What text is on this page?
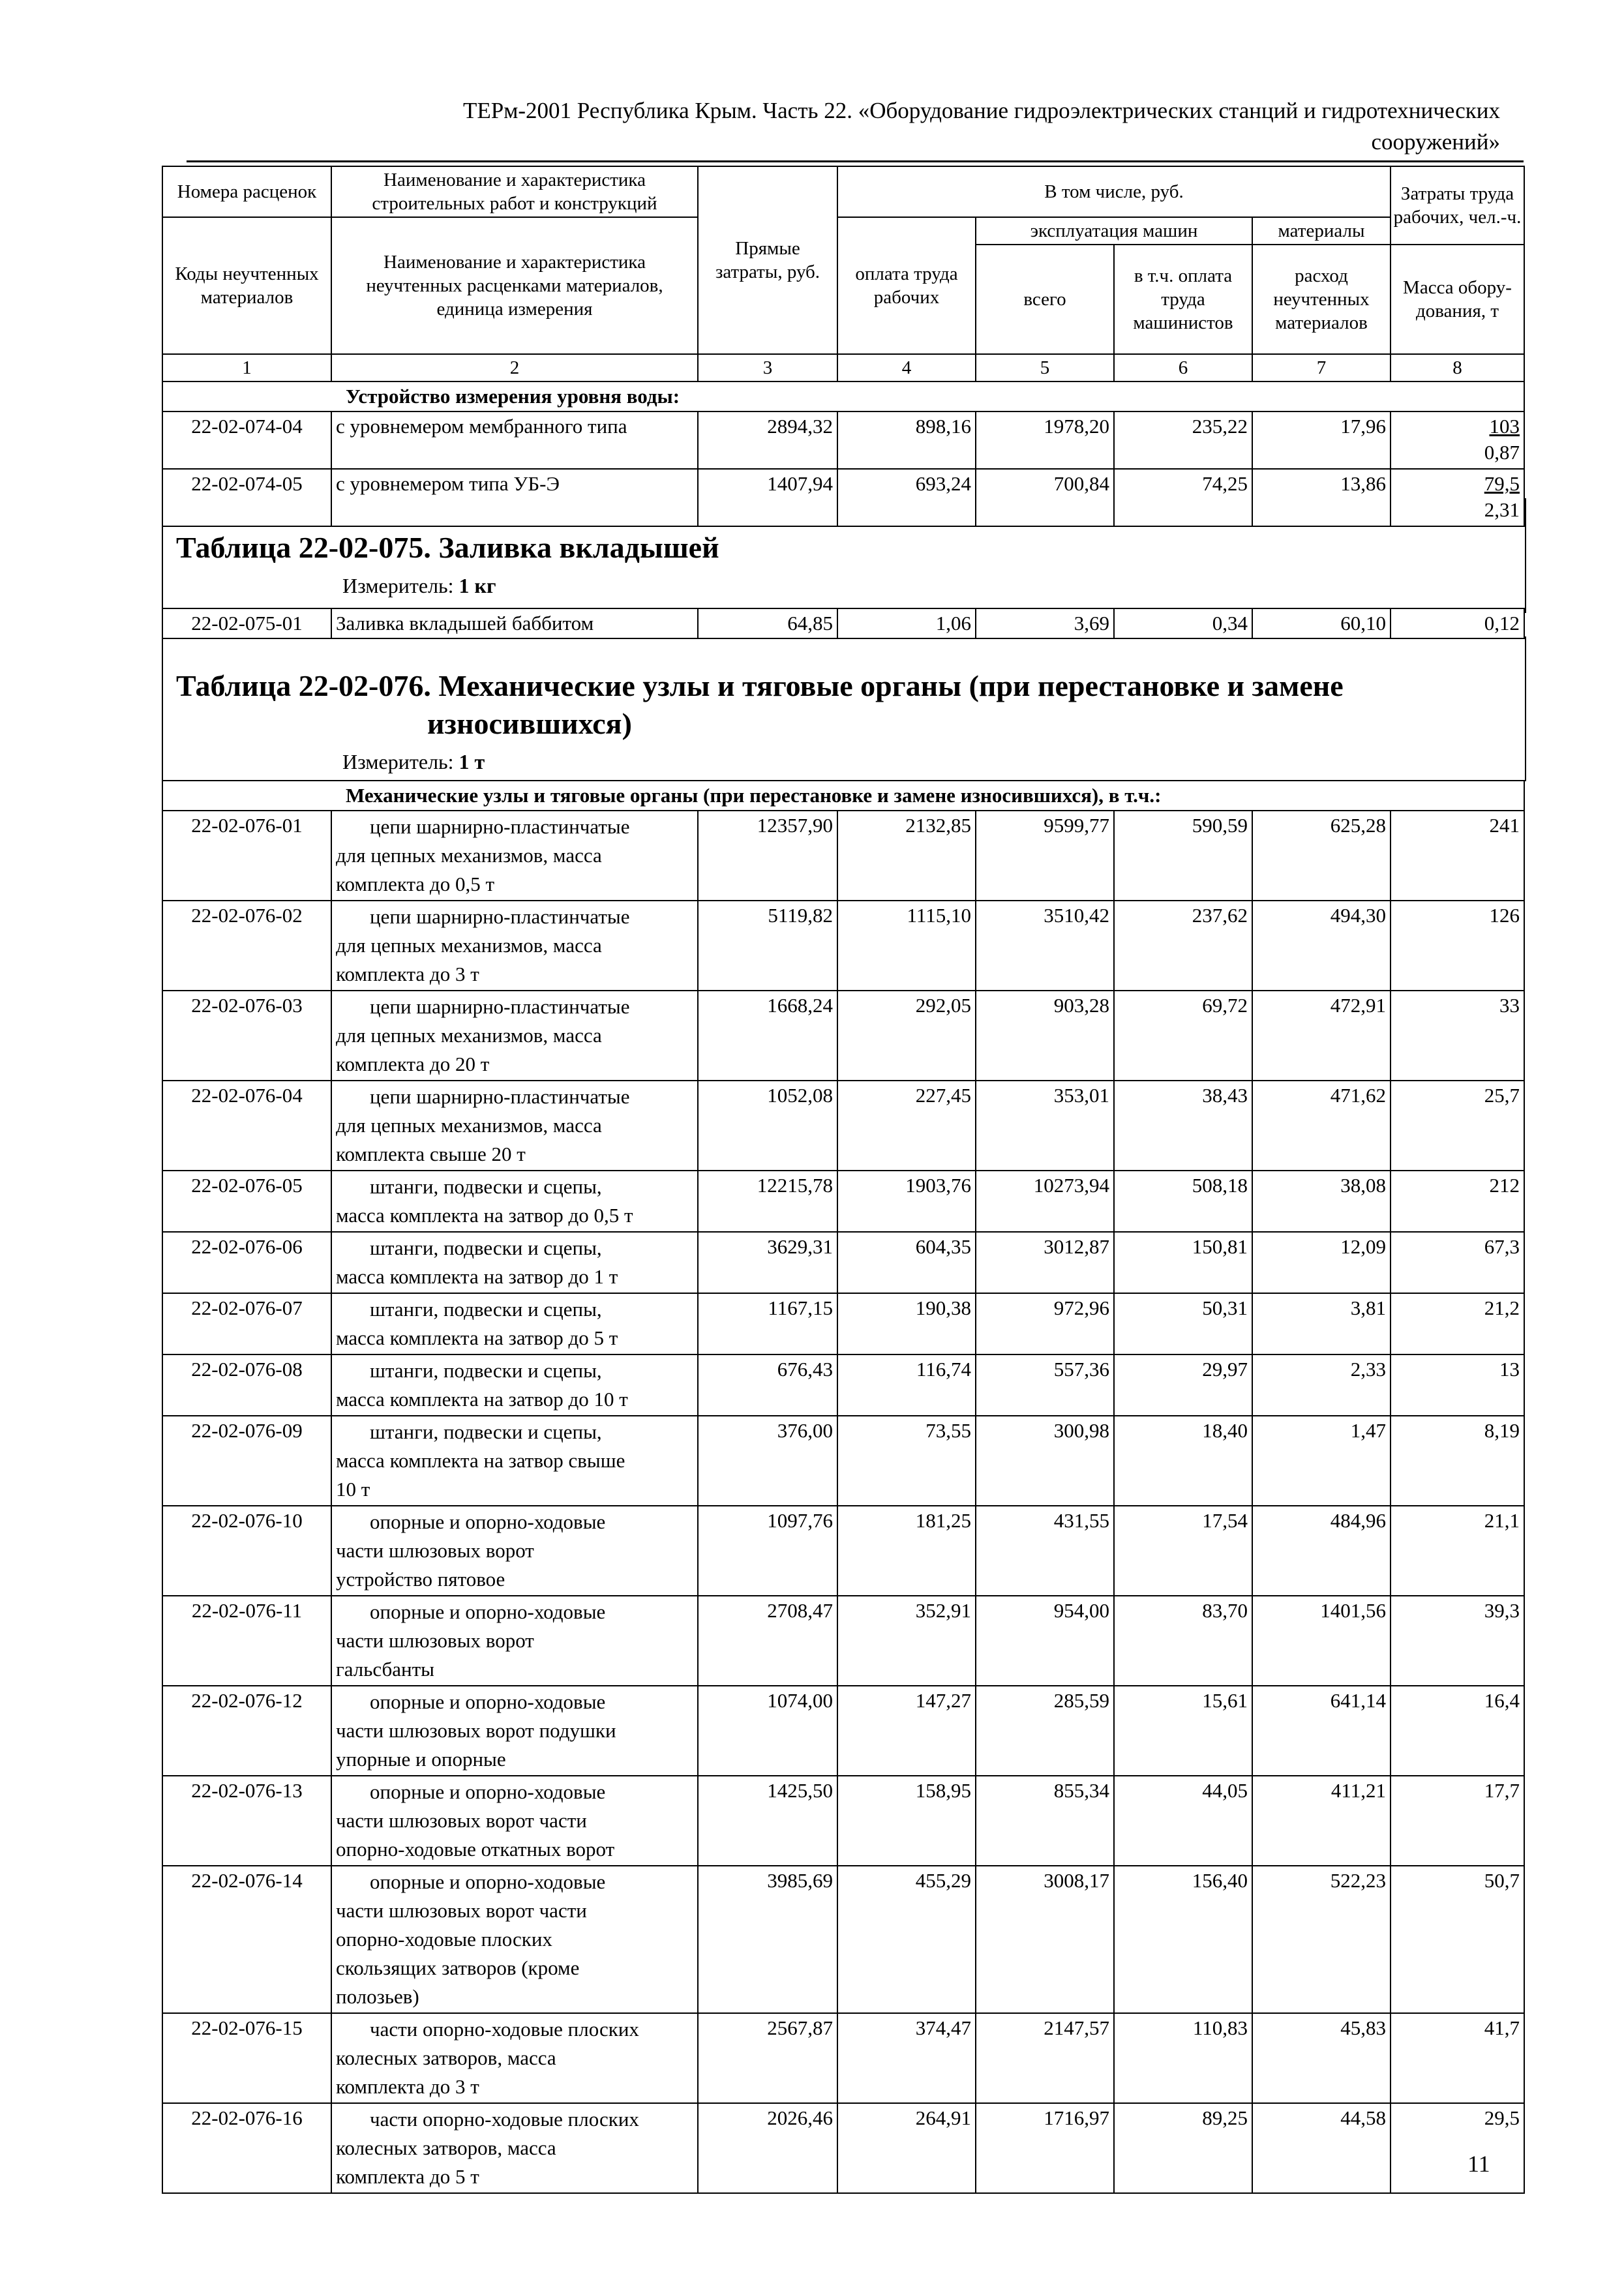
ТЕРм-2001 Республика Крым. Часть 22. «Оборудование гидроэлектрических станций и гидротехнических
сооружений»
Номера расценок	Наименование и характеристика строительных работ и конструкций	Прямые затраты, руб.	В том числе, руб.				Затраты труда рабочих, чел.-ч.
Коды неучтенных материалов	Наименование и характеристика неучтенных расценками материалов, единица измерения		оплата труда рабочих	эксплуатация машин		материалы	
				всего	в т.ч. оплата труда машинистов	расход неучтенных материалов	Масса обору-дования, т
1	2	3	4	5	6	7	8
Устройство измерения уровня воды:							
22-02-074-04	с уровнемером мембранного типа	2894,32	898,16	1978,20	235,22	17,96	103
0,87
22-02-074-05	с уровнемером типа УБ-Э	1407,94	693,24	700,84	74,25	13,86	79,5
2,31
Таблица 22-02-075. Заливка вкладышей
Измеритель: 1 кг
22-02-075-01	Заливка вкладышей баббитом	64,85	1,06	3,69	0,34	60,10	0,12
Таблица 22-02-076. Механические узлы и тяговые органы (при перестановке и замене
износившихся)
Измеритель: 1 т
Механические узлы и тяговые органы (при перестановке и замене износившихся), в т.ч.:							
22-02-076-01	цепи шарнирно-пластинчатые
для цепных механизмов, масса
комплекта до 0,5 т	12357,90	2132,85	9599,77	590,59	625,28	241
22-02-076-02	цепи шарнирно-пластинчатые
для цепных механизмов, масса
комплекта до 3 т	5119,82	1115,10	3510,42	237,62	494,30	126
22-02-076-03	цепи шарнирно-пластинчатые
для цепных механизмов, масса
комплекта до 20 т	1668,24	292,05	903,28	69,72	472,91	33
22-02-076-04	цепи шарнирно-пластинчатые
для цепных механизмов, масса
комплекта свыше 20 т	1052,08	227,45	353,01	38,43	471,62	25,7
22-02-076-05	штанги, подвески и сцепы,
масса комплекта на затвор до 0,5 т	12215,78	1903,76	10273,94	508,18	38,08	212
22-02-076-06	штанги, подвески и сцепы,
масса комплекта на затвор до 1 т	3629,31	604,35	3012,87	150,81	12,09	67,3
22-02-076-07	штанги, подвески и сцепы,
масса комплекта на затвор до 5 т	1167,15	190,38	972,96	50,31	3,81	21,2
22-02-076-08	штанги, подвески и сцепы,
масса комплекта на затвор до 10 т	676,43	116,74	557,36	29,97	2,33	13
22-02-076-09	штанги, подвески и сцепы,
масса комплекта на затвор свыше
10 т	376,00	73,55	300,98	18,40	1,47	8,19
22-02-076-10	опорные и опорно-ходовые
части шлюзовых ворот
устройство пятовое	1097,76	181,25	431,55	17,54	484,96	21,1
22-02-076-11	опорные и опорно-ходовые
части шлюзовых ворот
гальсбанты	2708,47	352,91	954,00	83,70	1401,56	39,3
22-02-076-12	опорные и опорно-ходовые
части шлюзовых ворот подушки
упорные и опорные	1074,00	147,27	285,59	15,61	641,14	16,4
22-02-076-13	опорные и опорно-ходовые
части шлюзовых ворот части
опорно-ходовые откатных ворот	1425,50	158,95	855,34	44,05	411,21	17,7
22-02-076-14	опорные и опорно-ходовые
части шлюзовых ворот части
опорно-ходовые плоских
скользящих затворов (кроме
полозьев)	3985,69	455,29	3008,17	156,40	522,23	50,7
22-02-076-15	части опорно-ходовые плоских
колесных затворов, масса
комплекта до 3 т	2567,87	374,47	2147,57	110,83	45,83	41,7
22-02-076-16	части опорно-ходовые плоских
колесных затворов, масса
комплекта до 5 т	2026,46	264,91	1716,97	89,25	44,58	29,5
11
